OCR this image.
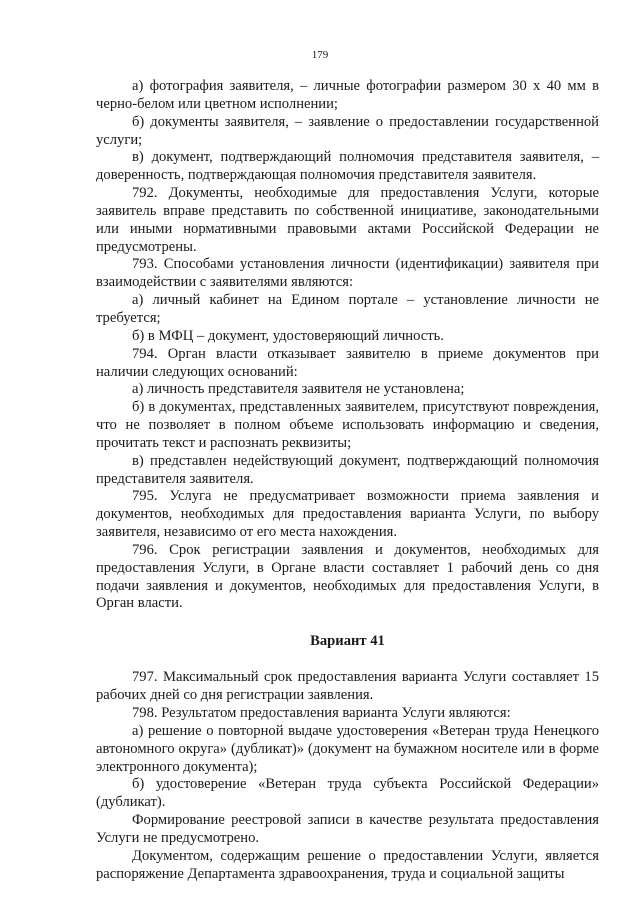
179

а) фотография заявителя, – личные фотографии размером 30 х 40 мм в черно-белом или цветном исполнении;

б) документы заявителя, – заявление о предоставлении государственной услуги;

в) документ, подтверждающий полномочия представителя заявителя, – доверенность, подтверждающая полномочия представителя заявителя.

792. Документы, необходимые для предоставления Услуги, которые заявитель вправе представить по собственной инициативе, законодательными или иными нормативными правовыми актами Российской Федерации не предусмотрены.

793. Способами установления личности (идентификации) заявителя при взаимодействии с заявителями являются:

а) личный кабинет на Едином портале – установление личности не требуется;

б) в МФЦ – документ, удостоверяющий личность.

794. Орган власти отказывает заявителю в приеме документов при наличии следующих оснований:

а) личность представителя заявителя не установлена;

б) в документах, представленных заявителем, присутствуют повреждения, что не позволяет в полном объеме использовать информацию и сведения, прочитать текст и распознать реквизиты;

в) представлен недействующий документ, подтверждающий полномочия представителя заявителя.

795. Услуга не предусматривает возможности приема заявления и документов, необходимых для предоставления варианта Услуги, по выбору заявителя, независимо от его места нахождения.

796. Срок регистрации заявления и документов, необходимых для предоставления Услуги, в Органе власти составляет 1 рабочий день со дня подачи заявления и документов, необходимых для предоставления Услуги, в Орган власти.

Вариант 41

797. Максимальный срок предоставления варианта Услуги составляет 15 рабочих дней со дня регистрации заявления.

798. Результатом предоставления варианта Услуги являются:

а) решение о повторной выдаче удостоверения «Ветеран труда Ненецкого автономного округа» (дубликат)» (документ на бумажном носителе или в форме электронного документа);

б) удостоверение «Ветеран труда субъекта Российской Федерации» (дубликат).

Формирование реестровой записи в качестве результата предоставления Услуги не предусмотрено.

Документом, содержащим решение о предоставлении Услуги, является распоряжение Департамента здравоохранения, труда и социальной защиты
